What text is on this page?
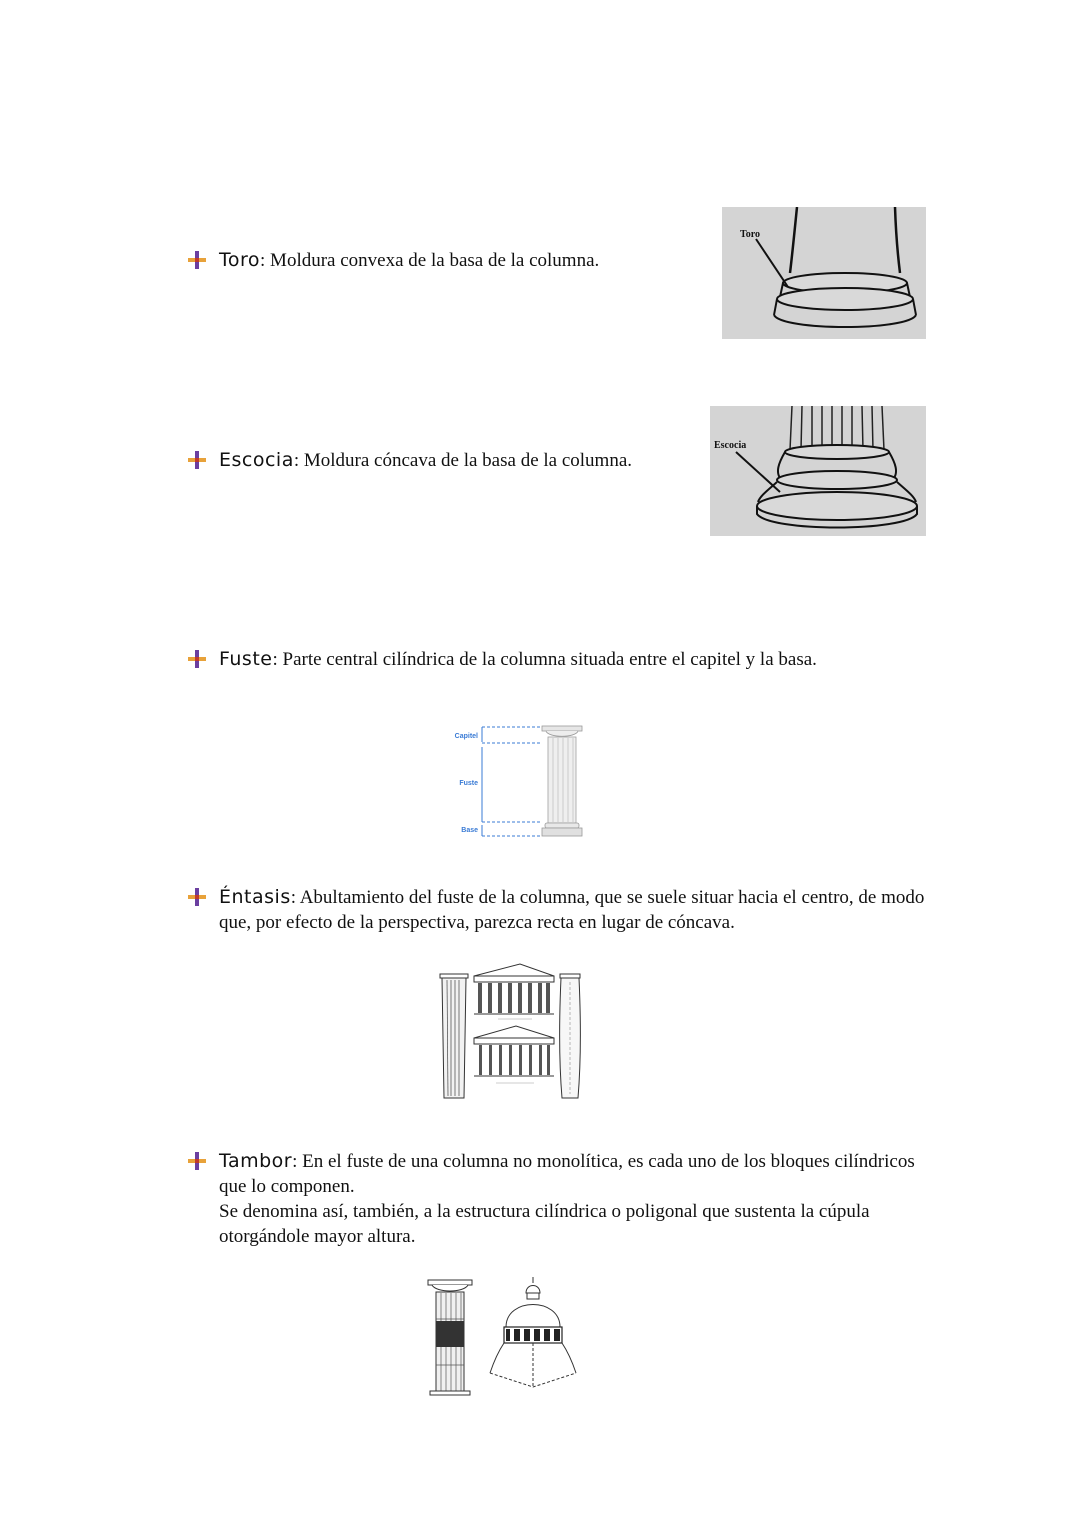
Toro: Moldura convexa de la basa de la columna.
Escocia: Moldura cóncava de la basa de la columna.
Fuste: Parte central cilíndrica de la columna situada entre el capitel y la basa.
Éntasis: Abultamiento del fuste de la columna, que se suele situar hacia el centro, de modo que, por efecto de la perspectiva, parezca recta en lugar de cóncava.
Tambor: En el fuste de una columna no monolítica, es cada uno de los bloques cilíndricos que lo componen.
Se denomina así, también, a la estructura cilíndrica o poligonal que sustenta la cúpula otorgándole mayor altura.
Toro
Escocia
Capitel
Fuste
Base
